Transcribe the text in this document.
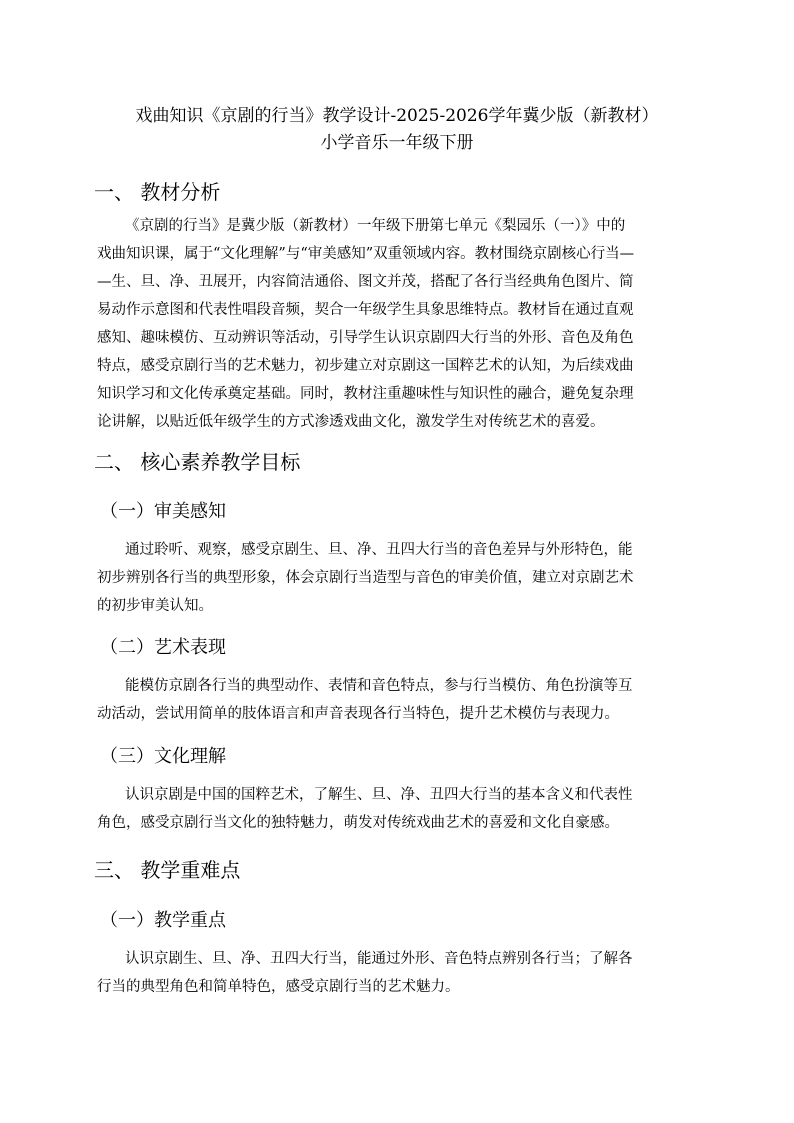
戏曲知识《京剧的行当》教学设计-2025-2026学年冀少版（新教材）
小学音乐一年级下册
一、 教材分析
《京剧的行当》是冀少版（新教材）一年级下册第七单元《梨园乐（一）》中的
戏曲知识课，属于“文化理解”与“审美感知”双重领域内容。教材围绕京剧核心行当—
—生、旦、净、丑展开，内容简洁通俗、图文并茂，搭配了各行当经典角色图片、简
易动作示意图和代表性唱段音频，契合一年级学生具象思维特点。教材旨在通过直观
感知、趣味模仿、互动辨识等活动，引导学生认识京剧四大行当的外形、音色及角色
特点，感受京剧行当的艺术魅力，初步建立对京剧这一国粹艺术的认知，为后续戏曲
知识学习和文化传承奠定基础。同时，教材注重趣味性与知识性的融合，避免复杂理
论讲解，以贴近低年级学生的方式渗透戏曲文化，激发学生对传统艺术的喜爱。
二、 核心素养教学目标
（一）审美感知
通过聆听、观察，感受京剧生、旦、净、丑四大行当的音色差异与外形特色，能
初步辨别各行当的典型形象，体会京剧行当造型与音色的审美价值，建立对京剧艺术
的初步审美认知。
（二）艺术表现
能模仿京剧各行当的典型动作、表情和音色特点，参与行当模仿、角色扮演等互
动活动，尝试用简单的肢体语言和声音表现各行当特色，提升艺术模仿与表现力。
（三）文化理解
认识京剧是中国的国粹艺术，了解生、旦、净、丑四大行当的基本含义和代表性
角色，感受京剧行当文化的独特魅力，萌发对传统戏曲艺术的喜爱和文化自豪感。
三、 教学重难点
（一）教学重点
认识京剧生、旦、净、丑四大行当，能通过外形、音色特点辨别各行当；了解各
行当的典型角色和简单特色，感受京剧行当的艺术魅力。
